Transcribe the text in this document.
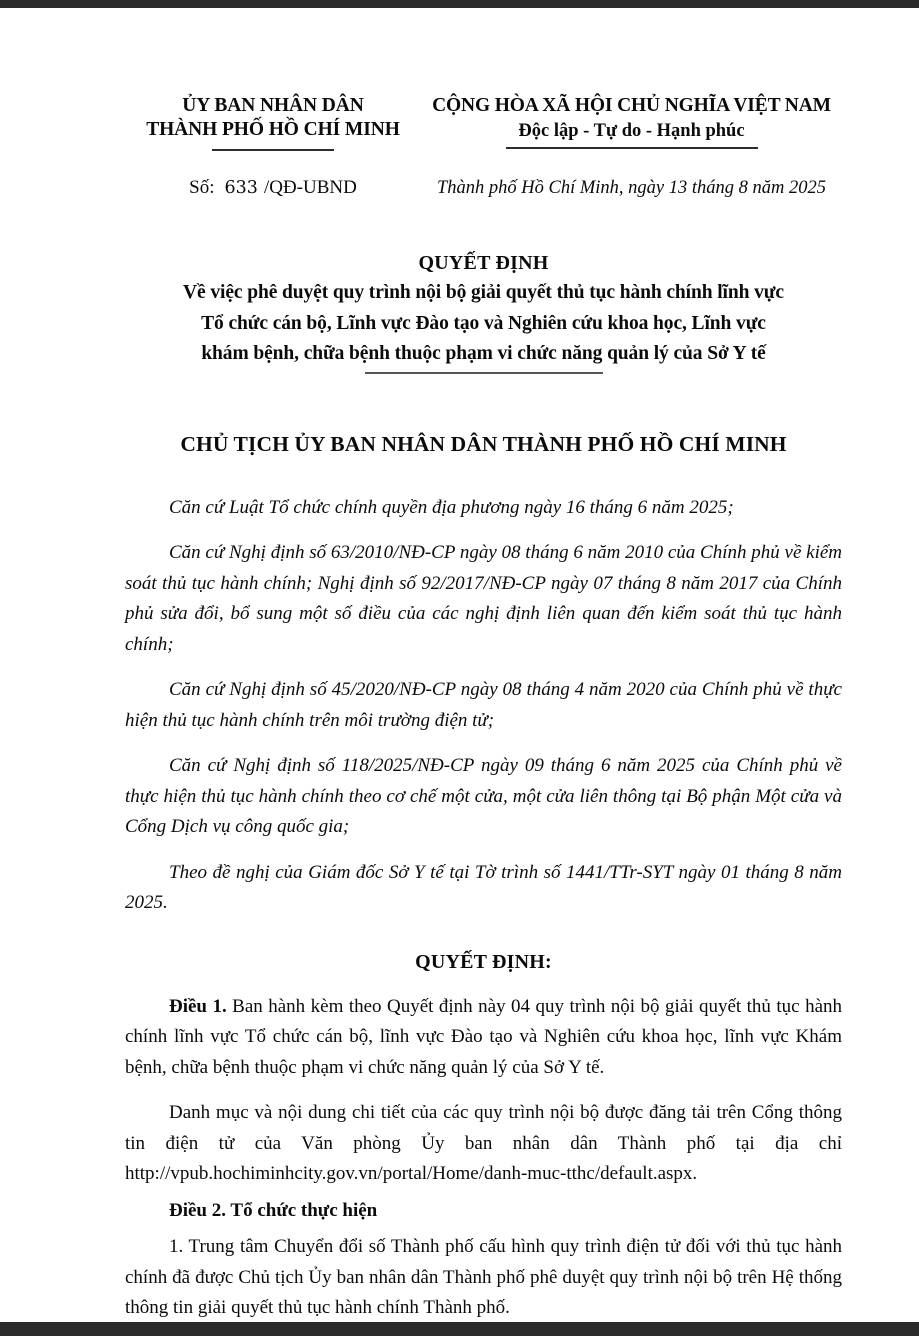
ỦY BAN NHÂN DÂN
THÀNH PHỐ HỒ CHÍ MINH
CỘNG HÒA XÃ HỘI CHỦ NGHĨA VIỆT NAM
Độc lập - Tự do - Hạnh phúc
Số: 633 /QĐ-UBND	Thành phố Hồ Chí Minh, ngày 13 tháng 8 năm 2025
QUYẾT ĐỊNH
Về việc phê duyệt quy trình nội bộ giải quyết thủ tục hành chính lĩnh vực
Tổ chức cán bộ, Lĩnh vực Đào tạo và Nghiên cứu khoa học, Lĩnh vực
khám bệnh, chữa bệnh thuộc phạm vi chức năng quản lý của Sở Y tế
CHỦ TỊCH ỦY BAN NHÂN DÂN THÀNH PHỐ HỒ CHÍ MINH

Căn cứ Luật Tổ chức chính quyền địa phương ngày 16 tháng 6 năm 2025;

Căn cứ Nghị định số 63/2010/NĐ-CP ngày 08 tháng 6 năm 2010 của Chính phủ về kiểm soát thủ tục hành chính; Nghị định số 92/2017/NĐ-CP ngày 07 tháng 8 năm 2017 của Chính phủ sửa đổi, bổ sung một số điều của các nghị định liên quan đến kiểm soát thủ tục hành chính;

Căn cứ Nghị định số 45/2020/NĐ-CP ngày 08 tháng 4 năm 2020 của Chính phủ về thực hiện thủ tục hành chính trên môi trường điện tử;

Căn cứ Nghị định số 118/2025/NĐ-CP ngày 09 tháng 6 năm 2025 của Chính phủ về thực hiện thủ tục hành chính theo cơ chế một cửa, một cửa liên thông tại Bộ phận Một cửa và Cổng Dịch vụ công quốc gia;

Theo đề nghị của Giám đốc Sở Y tế tại Tờ trình số 1441/TTr-SYT ngày 01 tháng 8 năm 2025.

QUYẾT ĐỊNH:

Điều 1. Ban hành kèm theo Quyết định này 04 quy trình nội bộ giải quyết thủ tục hành chính lĩnh vực Tổ chức cán bộ, lĩnh vực Đào tạo và Nghiên cứu khoa học, lĩnh vực Khám bệnh, chữa bệnh thuộc phạm vi chức năng quản lý của Sở Y tế.

Danh mục và nội dung chi tiết của các quy trình nội bộ được đăng tải trên Cổng thông tin điện tử của Văn phòng Ủy ban nhân dân Thành phố tại địa chỉ http://vpub.hochiminhcity.gov.vn/portal/Home/danh-muc-tthc/default.aspx.

Điều 2. Tổ chức thực hiện

1. Trung tâm Chuyển đổi số Thành phố cấu hình quy trình điện tử đối với thủ tục hành chính đã được Chủ tịch Ủy ban nhân dân Thành phố phê duyệt quy trình nội bộ trên Hệ thống thông tin giải quyết thủ tục hành chính Thành phố.
